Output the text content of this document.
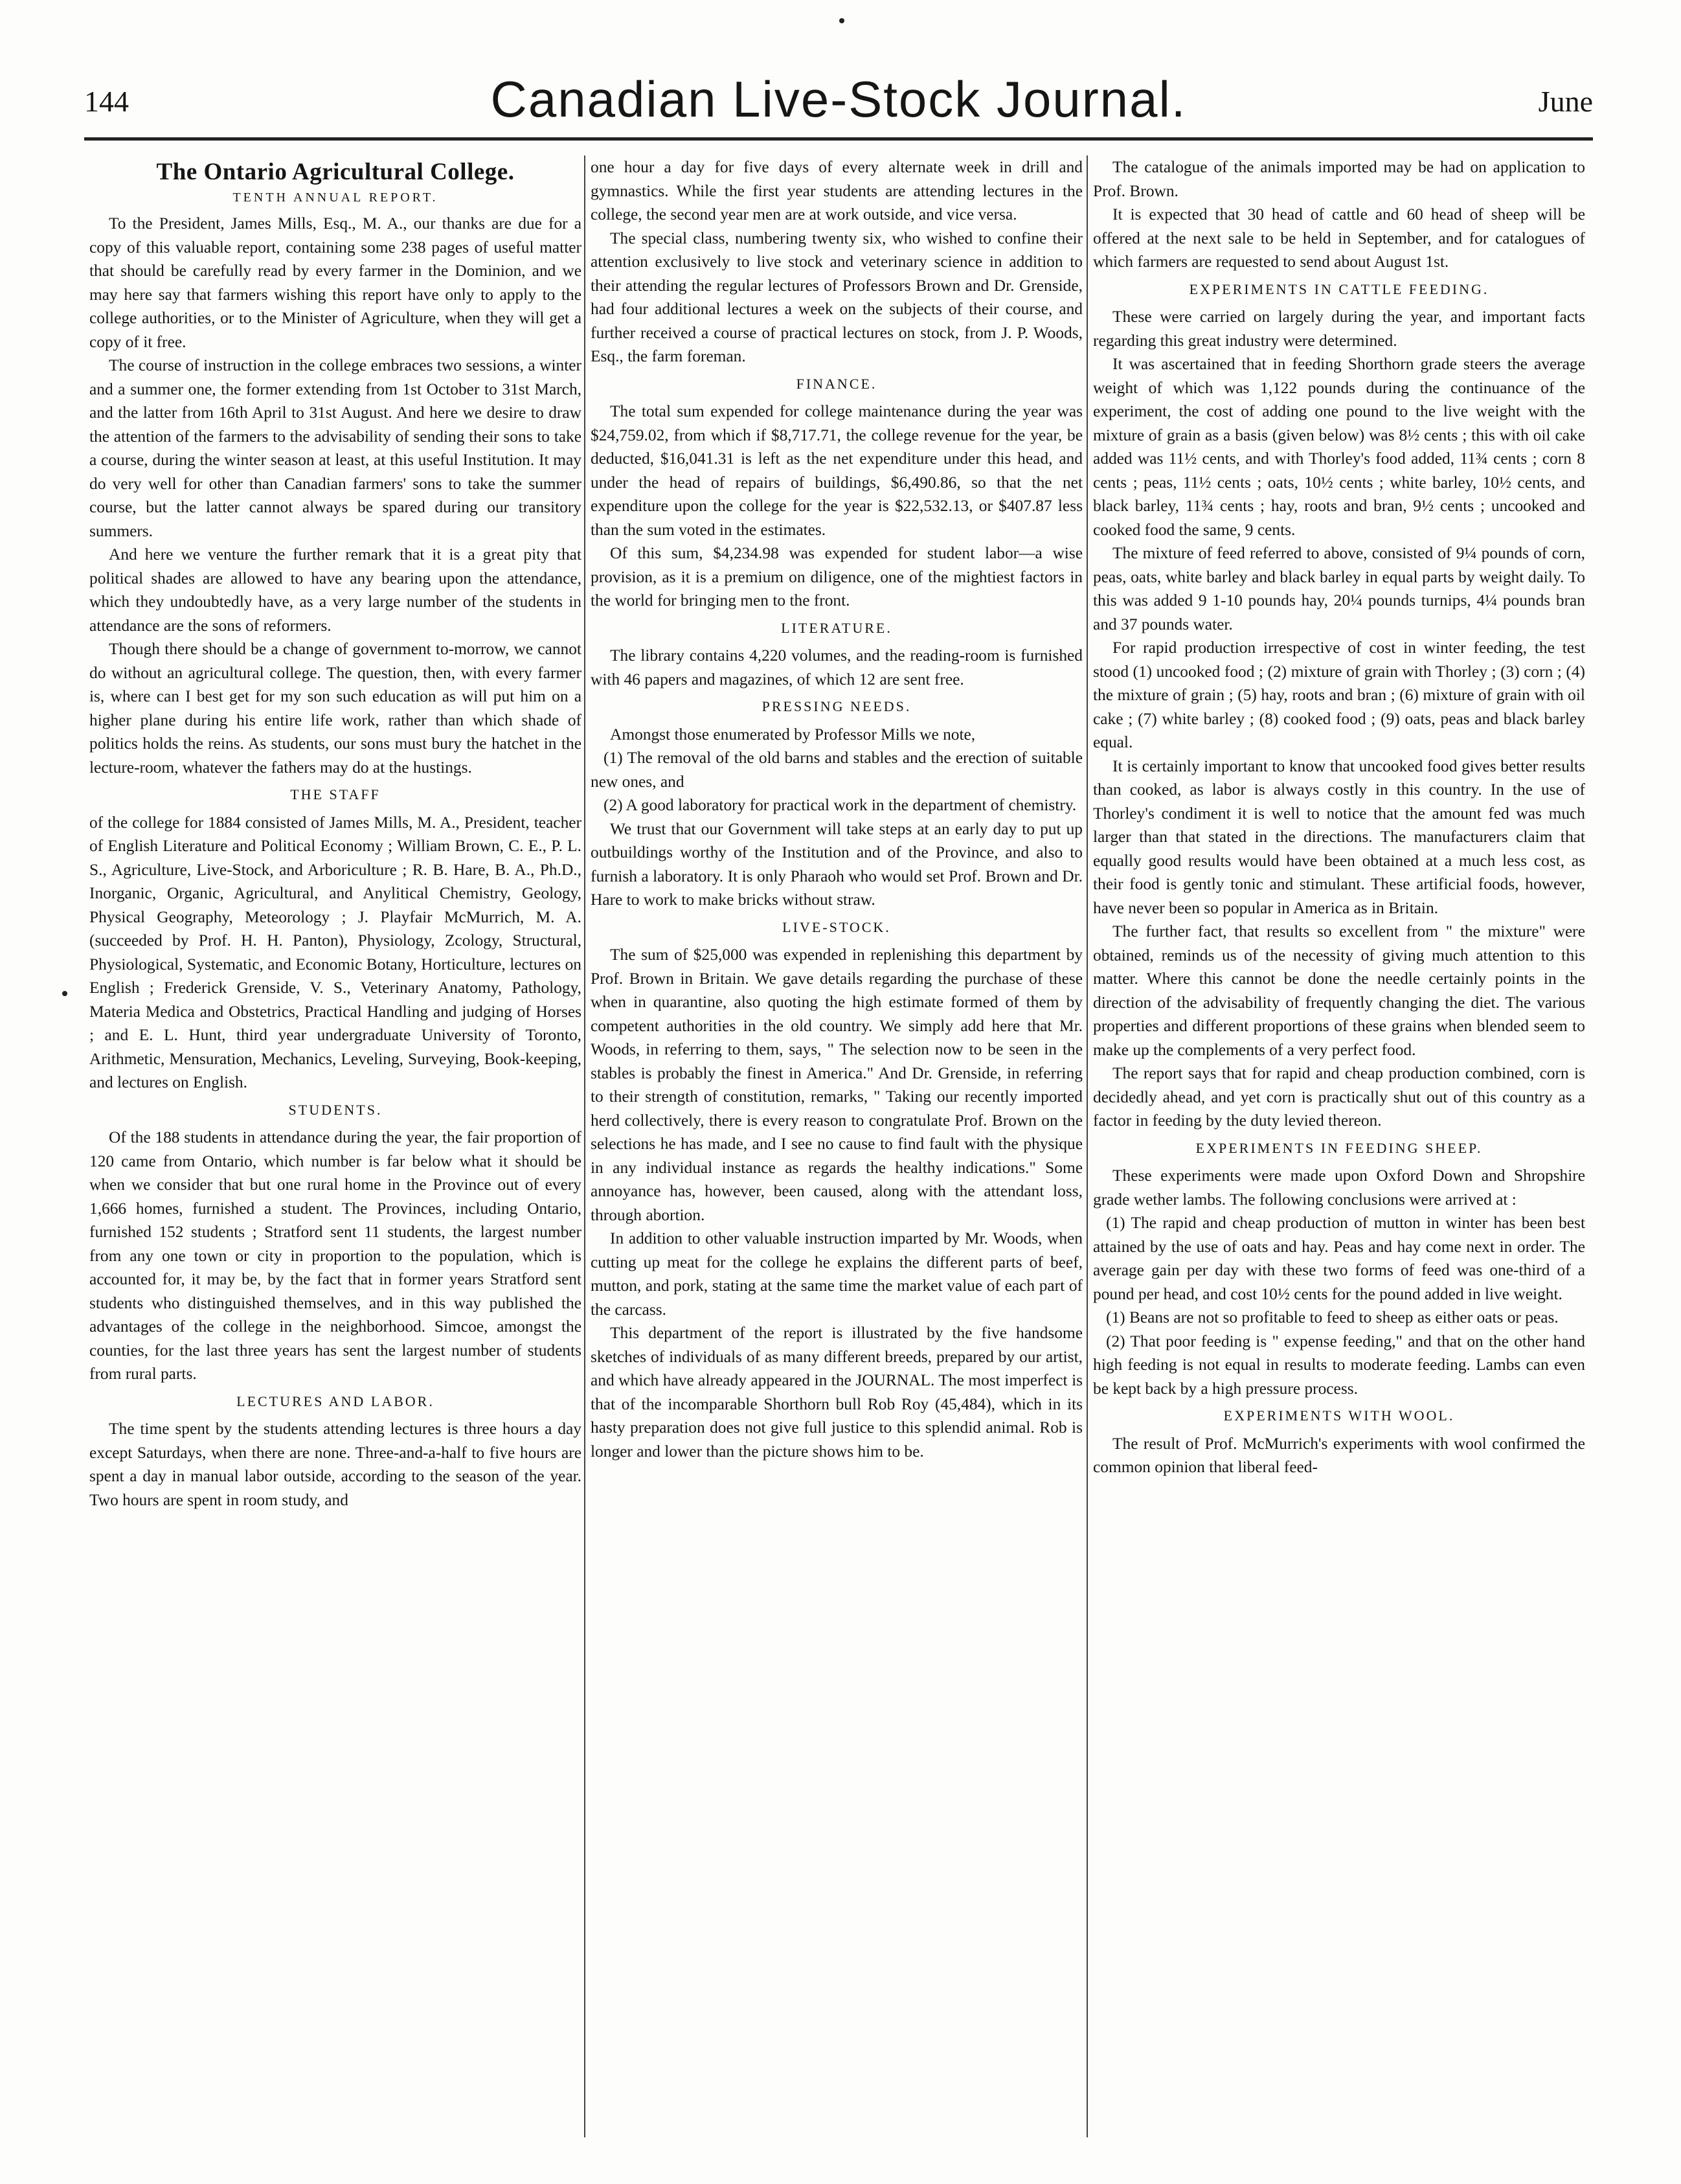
144	Canadian Live-Stock Journal.	June
The Ontario Agricultural College.
TENTH ANNUAL REPORT.

To the President, James Mills, Esq., M. A., our thanks are due for a copy of this valuable report, containing some 238 pages of useful matter that should be carefully read by every farmer in the Dominion, and we may here say that farmers wishing this report have only to apply to the college authorities, or to the Minister of Agriculture, when they will get a copy of it free.

The course of instruction in the college embraces two sessions, a winter and a summer one, the former extending from 1st October to 31st March, and the latter from 16th April to 31st August. And here we desire to draw the attention of the farmers to the advisability of sending their sons to take a course, during the winter season at least, at this useful Institution. It may do very well for other than Canadian farmers' sons to take the summer course, but the latter cannot always be spared during our transitory summers.

And here we venture the further remark that it is a great pity that political shades are allowed to have any bearing upon the attendance, which they undoubtedly have, as a very large number of the students in attendance are the sons of reformers.

Though there should be a change of government to-morrow, we cannot do without an agricultural college. The question, then, with every farmer is, where can I best get for my son such education as will put him on a higher plane during his entire life work, rather than which shade of politics holds the reins. As students, our sons must bury the hatchet in the lecture-room, whatever the fathers may do at the hustings.

THE STAFF

of the college for 1884 consisted of James Mills, M. A., President, teacher of English Literature and Political Economy ; William Brown, C. E., P. L. S., Agriculture, Live-Stock, and Arboriculture ; R. B. Hare, B. A., Ph.D., Inorganic, Organic, Agricultural, and Anylitical Chemistry, Geology, Physical Geography, Meteorology ; J. Playfair McMurrich, M. A. (succeeded by Prof. H. H. Panton), Physiology, Zcology, Structural, Physiological, Systematic, and Economic Botany, Horticulture, lectures on English ; Frederick Grenside, V. S., Veterinary Anatomy, Pathology, Materia Medica and Obstetrics, Practical Handling and judging of Horses ; and E. L. Hunt, third year undergraduate University of Toronto, Arithmetic, Mensuration, Mechanics, Leveling, Surveying, Book-keeping, and lectures on English.

STUDENTS.

Of the 188 students in attendance during the year, the fair proportion of 120 came from Ontario, which number is far below what it should be when we consider that but one rural home in the Province out of every 1,666 homes, furnished a student. The Provinces, including Ontario, furnished 152 students ; Stratford sent 11 students, the largest number from any one town or city in proportion to the population, which is accounted for, it may be, by the fact that in former years Stratford sent students who distinguished themselves, and in this way published the advantages of the college in the neighborhood. Simcoe, amongst the counties, for the last three years has sent the largest number of students from rural parts.

LECTURES AND LABOR.

The time spent by the students attending lectures is three hours a day except Saturdays, when there are none. Three-and-a-half to five hours are spent a day in manual labor outside, according to the season of the year. Two hours are spent in room study, and

one hour a day for five days of every alternate week in drill and gymnastics. While the first year students are attending lectures in the college, the second year men are at work outside, and vice versa.

The special class, numbering twenty six, who wished to confine their attention exclusively to live stock and veterinary science in addition to their attending the regular lectures of Professors Brown and Dr. Grenside, had four additional lectures a week on the subjects of their course, and further received a course of practical lectures on stock, from J. P. Woods, Esq., the farm foreman.

FINANCE.

The total sum expended for college maintenance during the year was $24,759.02, from which if $8,717.71, the college revenue for the year, be deducted, $16,041.31 is left as the net expenditure under this head, and under the head of repairs of buildings, $6,490.86, so that the net expenditure upon the college for the year is $22,532.13, or $407.87 less than the sum voted in the estimates.

Of this sum, $4,234.98 was expended for student labor—a wise provision, as it is a premium on diligence, one of the mightiest factors in the world for bringing men to the front.

LITERATURE.

The library contains 4,220 volumes, and the reading-room is furnished with 46 papers and magazines, of which 12 are sent free.

PRESSING NEEDS.

Amongst those enumerated by Professor Mills we note,

(1) The removal of the old barns and stables and the erection of suitable new ones, and

(2) A good laboratory for practical work in the department of chemistry.

We trust that our Government will take steps at an early day to put up outbuildings worthy of the Institution and of the Province, and also to furnish a laboratory. It is only Pharaoh who would set Prof. Brown and Dr. Hare to work to make bricks without straw.

LIVE-STOCK.

The sum of $25,000 was expended in replenishing this department by Prof. Brown in Britain. We gave details regarding the purchase of these when in quarantine, also quoting the high estimate formed of them by competent authorities in the old country. We simply add here that Mr. Woods, in referring to them, says, " The selection now to be seen in the stables is probably the finest in America." And Dr. Grenside, in referring to their strength of constitution, remarks, " Taking our recently imported herd collectively, there is every reason to congratulate Prof. Brown on the selections he has made, and I see no cause to find fault with the physique in any individual instance as regards the healthy indications." Some annoyance has, however, been caused, along with the attendant loss, through abortion.

In addition to other valuable instruction imparted by Mr. Woods, when cutting up meat for the college he explains the different parts of beef, mutton, and pork, stating at the same time the market value of each part of the carcass.

This department of the report is illustrated by the five handsome sketches of individuals of as many different breeds, prepared by our artist, and which have already appeared in the JOURNAL. The most imperfect is that of the incomparable Shorthorn bull Rob Roy (45,484), which in its hasty preparation does not give full justice to this splendid animal. Rob is longer and lower than the picture shows him to be.

The catalogue of the animals imported may be had on application to Prof. Brown.

It is expected that 30 head of cattle and 60 head of sheep will be offered at the next sale to be held in September, and for catalogues of which farmers are requested to send about August 1st.

EXPERIMENTS IN CATTLE FEEDING.

These were carried on largely during the year, and important facts regarding this great industry were determined.

It was ascertained that in feeding Shorthorn grade steers the average weight of which was 1,122 pounds during the continuance of the experiment, the cost of adding one pound to the live weight with the mixture of grain as a basis (given below) was 8½ cents ; this with oil cake added was 11½ cents, and with Thorley's food added, 11¾ cents ; corn 8 cents ; peas, 11½ cents ; oats, 10½ cents ; white barley, 10½ cents, and black barley, 11¾ cents ; hay, roots and bran, 9½ cents ; uncooked and cooked food the same, 9 cents.

The mixture of feed referred to above, consisted of 9¼ pounds of corn, peas, oats, white barley and black barley in equal parts by weight daily. To this was added 9 1-10 pounds hay, 20¼ pounds turnips, 4¼ pounds bran and 37 pounds water.

For rapid production irrespective of cost in winter feeding, the test stood (1) uncooked food ; (2) mixture of grain with Thorley ; (3) corn ; (4) the mixture of grain ; (5) hay, roots and bran ; (6) mixture of grain with oil cake ; (7) white barley ; (8) cooked food ; (9) oats, peas and black barley equal.

It is certainly important to know that uncooked food gives better results than cooked, as labor is always costly in this country. In the use of Thorley's condiment it is well to notice that the amount fed was much larger than that stated in the directions. The manufacturers claim that equally good results would have been obtained at a much less cost, as their food is gently tonic and stimulant. These artificial foods, however, have never been so popular in America as in Britain.

The further fact, that results so excellent from " the mixture" were obtained, reminds us of the necessity of giving much attention to this matter. Where this cannot be done the needle certainly points in the direction of the advisability of frequently changing the diet. The various properties and different proportions of these grains when blended seem to make up the complements of a very perfect food.

The report says that for rapid and cheap production combined, corn is decidedly ahead, and yet corn is practically shut out of this country as a factor in feeding by the duty levied thereon.

EXPERIMENTS IN FEEDING SHEEP.

These experiments were made upon Oxford Down and Shropshire grade wether lambs. The following conclusions were arrived at :

(1) The rapid and cheap production of mutton in winter has been best attained by the use of oats and hay. Peas and hay come next in order. The average gain per day with these two forms of feed was one-third of a pound per head, and cost 10½ cents for the pound added in live weight.

(1) Beans are not so profitable to feed to sheep as either oats or peas.

(2) That poor feeding is " expense feeding," and that on the other hand high feeding is not equal in results to moderate feeding. Lambs can even be kept back by a high pressure process.

EXPERIMENTS WITH WOOL.

The result of Prof. McMurrich's experiments with wool confirmed the common opinion that liberal feed-
